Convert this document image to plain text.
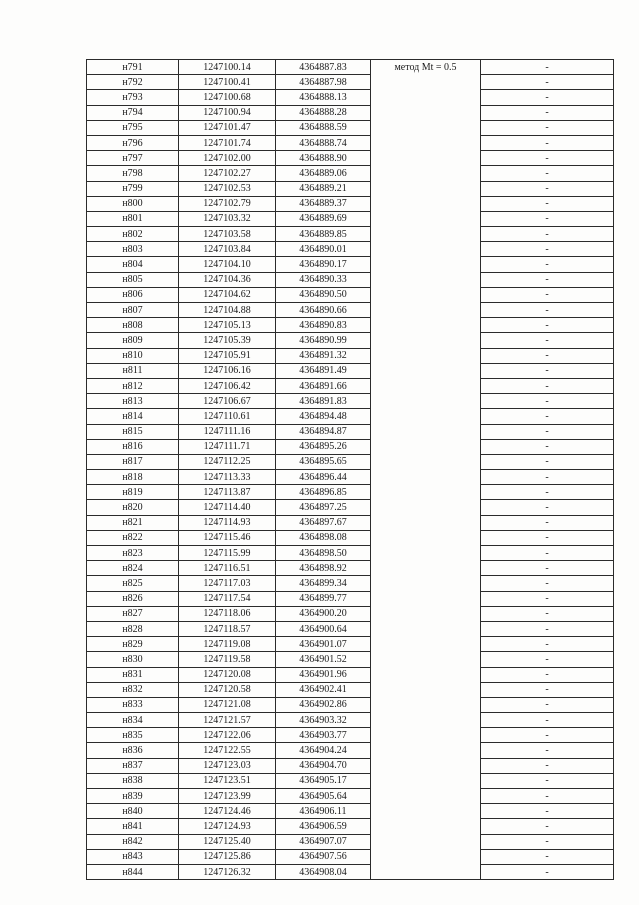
н791	1247100.14	4364887.83	метод Mt = 0.5	-
н792	1247100.41	4364887.98		-
н793	1247100.68	4364888.13		-
н794	1247100.94	4364888.28		-
н795	1247101.47	4364888.59		-
н796	1247101.74	4364888.74		-
н797	1247102.00	4364888.90		-
н798	1247102.27	4364889.06		-
н799	1247102.53	4364889.21		-
н800	1247102.79	4364889.37		-
н801	1247103.32	4364889.69		-
н802	1247103.58	4364889.85		-
н803	1247103.84	4364890.01		-
н804	1247104.10	4364890.17		-
н805	1247104.36	4364890.33		-
н806	1247104.62	4364890.50		-
н807	1247104.88	4364890.66		-
н808	1247105.13	4364890.83		-
н809	1247105.39	4364890.99		-
н810	1247105.91	4364891.32		-
н811	1247106.16	4364891.49		-
н812	1247106.42	4364891.66		-
н813	1247106.67	4364891.83		-
н814	1247110.61	4364894.48		-
н815	1247111.16	4364894.87		-
н816	1247111.71	4364895.26		-
н817	1247112.25	4364895.65		-
н818	1247113.33	4364896.44		-
н819	1247113.87	4364896.85		-
н820	1247114.40	4364897.25		-
н821	1247114.93	4364897.67		-
н822	1247115.46	4364898.08		-
н823	1247115.99	4364898.50		-
н824	1247116.51	4364898.92		-
н825	1247117.03	4364899.34		-
н826	1247117.54	4364899.77		-
н827	1247118.06	4364900.20		-
н828	1247118.57	4364900.64		-
н829	1247119.08	4364901.07		-
н830	1247119.58	4364901.52		-
н831	1247120.08	4364901.96		-
н832	1247120.58	4364902.41		-
н833	1247121.08	4364902.86		-
н834	1247121.57	4364903.32		-
н835	1247122.06	4364903.77		-
н836	1247122.55	4364904.24		-
н837	1247123.03	4364904.70		-
н838	1247123.51	4364905.17		-
н839	1247123.99	4364905.64		-
н840	1247124.46	4364906.11		-
н841	1247124.93	4364906.59		-
н842	1247125.40	4364907.07		-
н843	1247125.86	4364907.56		-
н844	1247126.32	4364908.04		-
